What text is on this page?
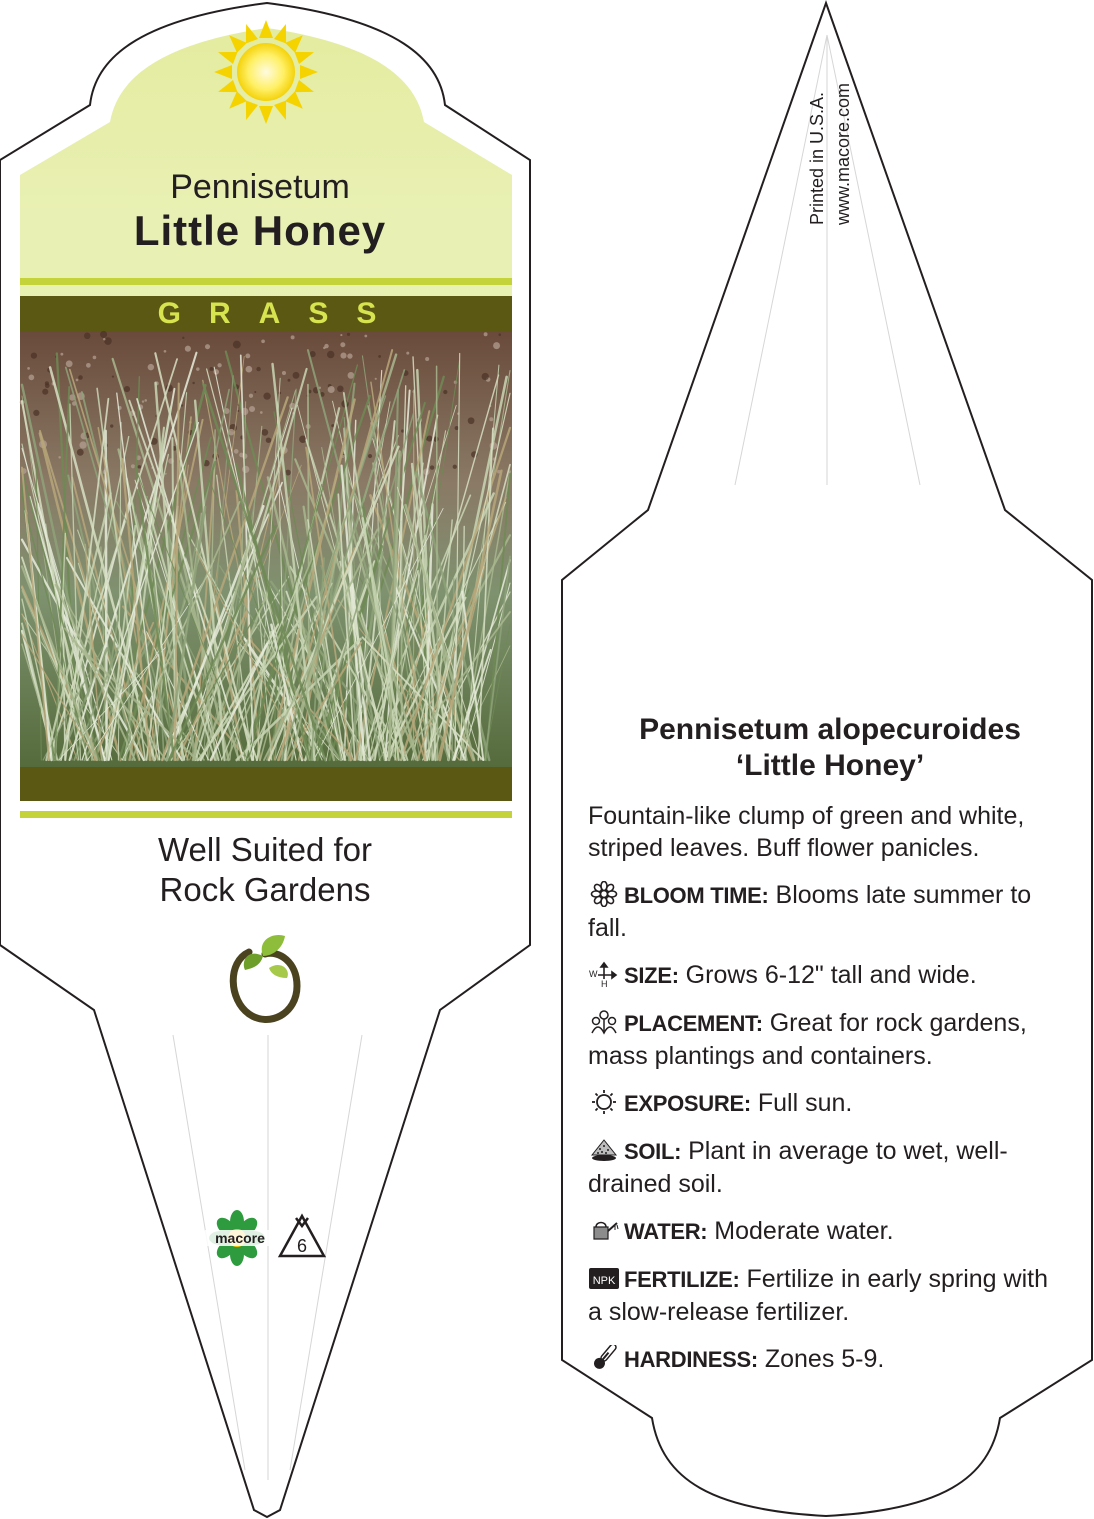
Pennisetum
Little Honey
GRASS
Well Suited for
Rock Gardens
macore	6
Printed in U.S.A. www.macore.com
Pennisetum alopecuroides
‘Little Honey’

Fountain-like clump of green and white, striped leaves. Buff flower panicles.

BLOOM TIME: Blooms late summer to fall.
W
H SIZE: Grows 6-12" tall and wide.
PLACEMENT: Great for rock gardens, mass plantings and containers.
EXPOSURE: Full sun.
SOIL: Plant in average to wet, well-drained soil.
WATER: Moderate water.
NPK FERTILIZE: Fertilize in early spring with a slow-release fertilizer.
HARDINESS: Zones 5-9.
